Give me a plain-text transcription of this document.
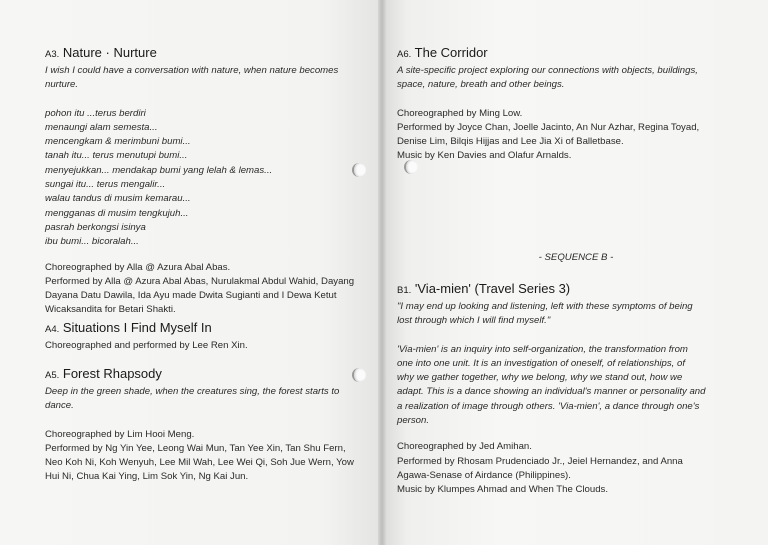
A3. Nature · Nurture
I wish I could have a conversation with nature, when nature becomes
nurture.
pohon itu ...terus berdiri
menaungi alam semesta...
mencengkam & merimbuni bumi...
tanah itu... terus menutupi bumi...
menyejukkan... mendakap bumi yang lelah & lemas...
sungai itu... terus mengalir...
walau tandus di musim kemarau...
mengganas di musim tengkujuh...
pasrah berkongsi isinya
ibu bumi... bicoralah...
Choreographed by Alla @ Azura Abal Abas.
Performed by Alla @ Azura Abal Abas, Nurulakmal Abdul Wahid, Dayang
Dayana Datu Dawila, Ida Ayu made Dwita Sugianti and I Dewa Ketut
Wicaksandita for Betari Shakti.
A4. Situations I Find Myself In
Choreographed and performed by Lee Ren Xin.
A5. Forest Rhapsody
Deep in the green shade, when the creatures sing, the forest starts to
dance.
Choreographed by Lim Hooi Meng.
Performed by Ng Yin Yee, Leong Wai Mun, Tan Yee Xin, Tan Shu Fern,
Neo Koh Ni, Koh Wenyuh, Lee Mil Wah, Lee Wei Qi, Soh Jue Wern, Yow
Hui Ni, Chua Kai Ying, Lim Sok Yin, Ng Kai Jun.
A6. The Corridor
A site-specific project exploring our connections with objects, buildings,
space, nature, breath and other beings.
Choreographed by Ming Low.
Performed by Joyce Chan, Joelle Jacinto, An Nur Azhar, Regina Toyad,
Denise Lim, Bilqis Hijjas and Lee Jia Xi of Balletbase.
Music by Ken Davies and Olafur Arnalds.
- SEQUENCE B -
B1. 'Via-mien' (Travel Series 3)
"I may end up looking and listening, left with these symptoms of being
lost through which I will find myself."
'Via-mien' is an inquiry into self-organization, the transformation from
one into one unit. It is an investigation of oneself, of relationships, of
why we gather together, why we belong, why we stand out, how we
adapt. This is a dance showing an individual's manner or personality and
a realization of image through others. 'Via-mien', a dance through one's
person.
Choreographed by Jed Amihan.
Performed by Rhosam Prudenciado Jr., Jeiel Hernandez, and Anna
Agawa-Senase of Airdance (Philippines).
Music by Klumpes Ahmad and When The Clouds.
